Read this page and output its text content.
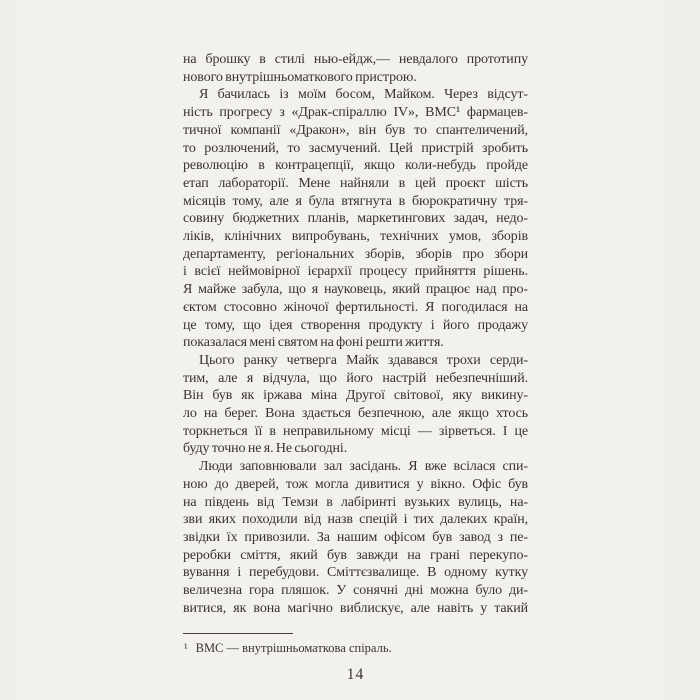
на брошку в стилі нью-ейдж,— невдалого прототипу
нового внутрішньоматкового пристрою.
Я бачилась із моїм босом, Майком. Через відсут-
ність прогресу з «Драк-спіраллю IV», ВМС¹ фармацев-
тичної компанії «Дракон», він був то спантеличений,
то розлючений, то засмучений. Цей пристрій зробить
революцію в контрацепції, якщо коли-небудь пройде
етап лабораторії. Мене найняли в цей проєкт шість
місяців тому, але я була втягнута в бюрократичну тря-
совину бюджетних планів, маркетингових задач, недо-
ліків, клінічних випробувань, технічних умов, зборів
департаменту, регіональних зборів, зборів про збори
і всієї неймовірної ієрархії процесу прийняття рішень.
Я майже забула, що я науковець, який працює над про-
єктом стосовно жіночої фертильності. Я погодилася на
це тому, що ідея створення продукту і його продажу
показалася мені святом на фоні решти життя.
Цього ранку четверга Майк здавався трохи серди-
тим, але я відчула, що його настрій небезпечніший.
Він був як іржава міна Другої світової, яку викину-
ло на берег. Вона здається безпечною, але якщо хтось
торкнеться її в неправильному місці — зірветься. І це
буду точно не я. Не сьогодні.
Люди заповнювали зал засідань. Я вже всілася спи-
ною до дверей, тож могла дивитися у вікно. Офіс був
на південь від Темзи в лабіринті вузьких вулиць, на-
зви яких походили від назв спецій і тих далеких країн,
звідки їх привозили. За нашим офісом був завод з пе-
реробки сміття, який був завжди на грані перекупо-
вування і перебудови. Сміттєзвалище. В одному кутку
величезна гора пляшок. У сонячні дні можна було ди-
витися, як вона магічно виблискує, але навіть у такий
¹ ВМС — внутрішньоматкова спіраль.
14
